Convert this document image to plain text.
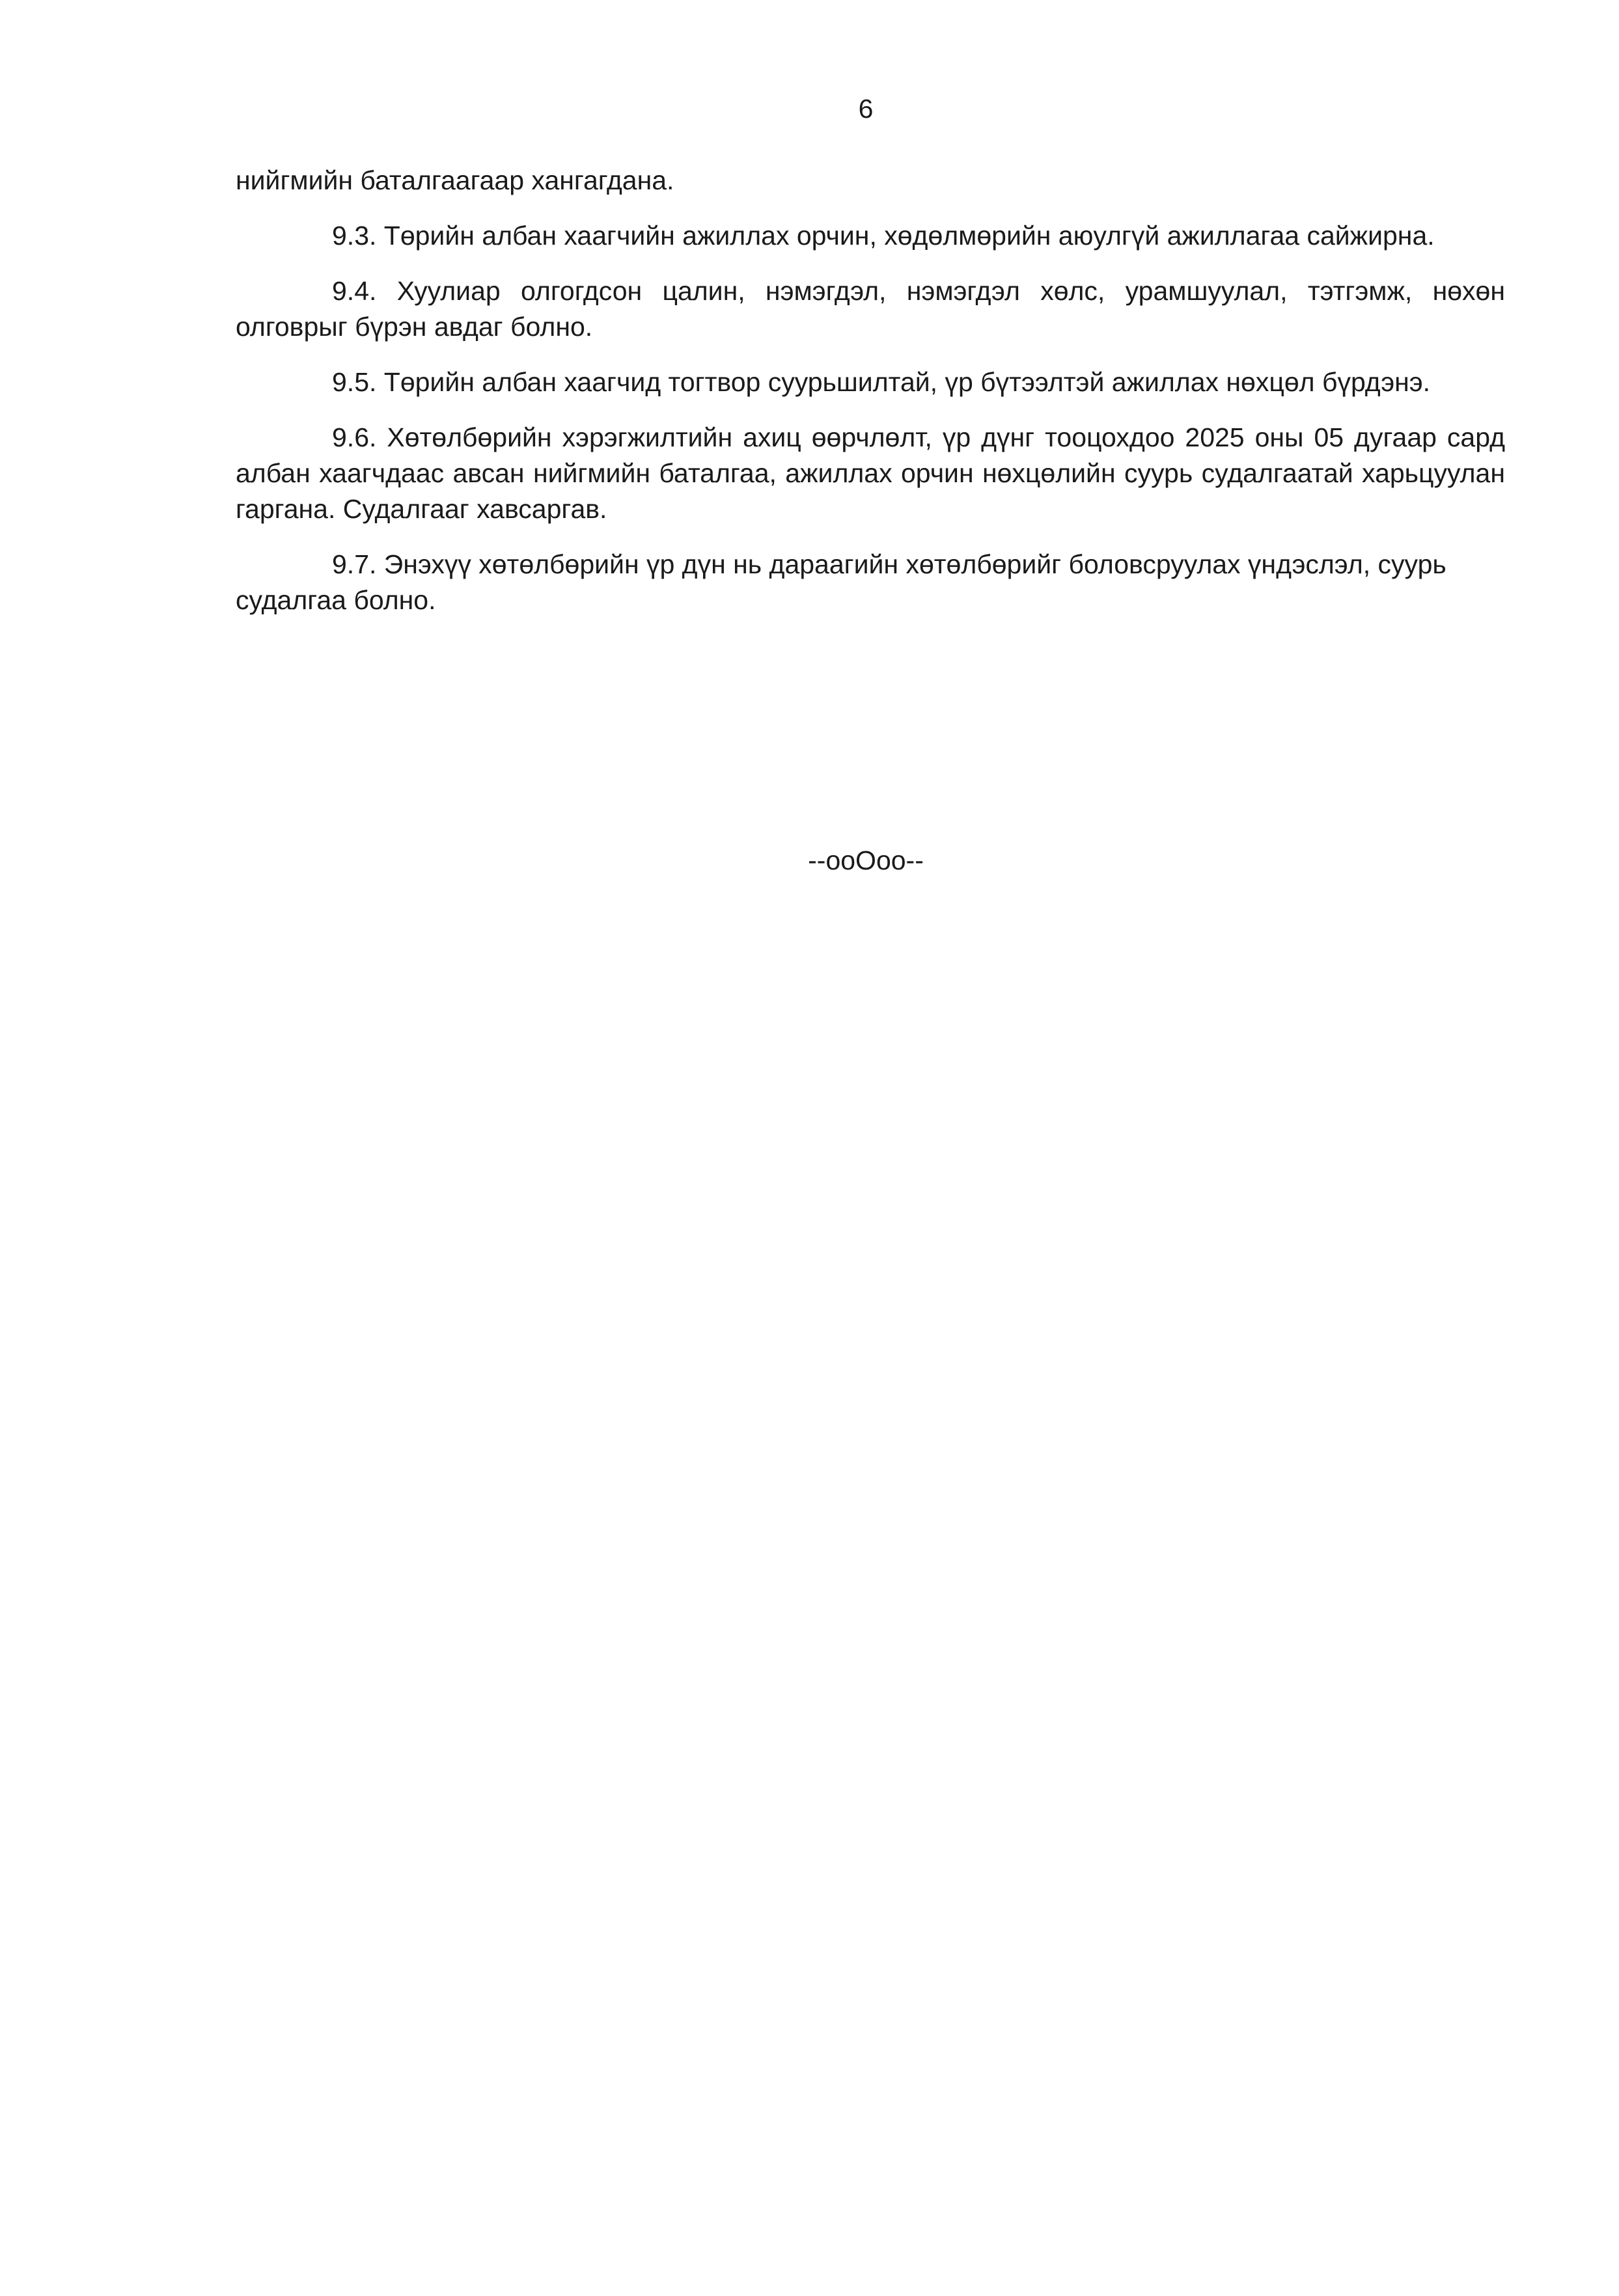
6

нийгмийн баталгаагаар хангагдана.

9.3. Төрийн албан хаагчийн ажиллах орчин, хөдөлмөрийн аюулгүй ажиллагаа сайжирна.

9.4. Хуулиар олгогдсон цалин, нэмэгдэл, нэмэгдэл хөлс, урамшуулал, тэтгэмж, нөхөн олговрыг бүрэн авдаг болно.

9.5. Төрийн албан хаагчид тогтвор суурьшилтай, үр бүтээлтэй ажиллах нөхцөл бүрдэнэ.

9.6. Хөтөлбөрийн хэрэгжилтийн ахиц өөрчлөлт, үр дүнг тооцохдоо 2025 оны 05 дугаар сард албан хаагчдаас авсан нийгмийн баталгаа, ажиллах орчин нөхцөлийн суурь судалгаатай харьцуулан гаргана. Судалгааг хавсаргав.

9.7. Энэхүү хөтөлбөрийн үр дүн нь дараагийн хөтөлбөрийг боловсруулах үндэслэл, суурь судалгаа болно.

--ооОоо--
